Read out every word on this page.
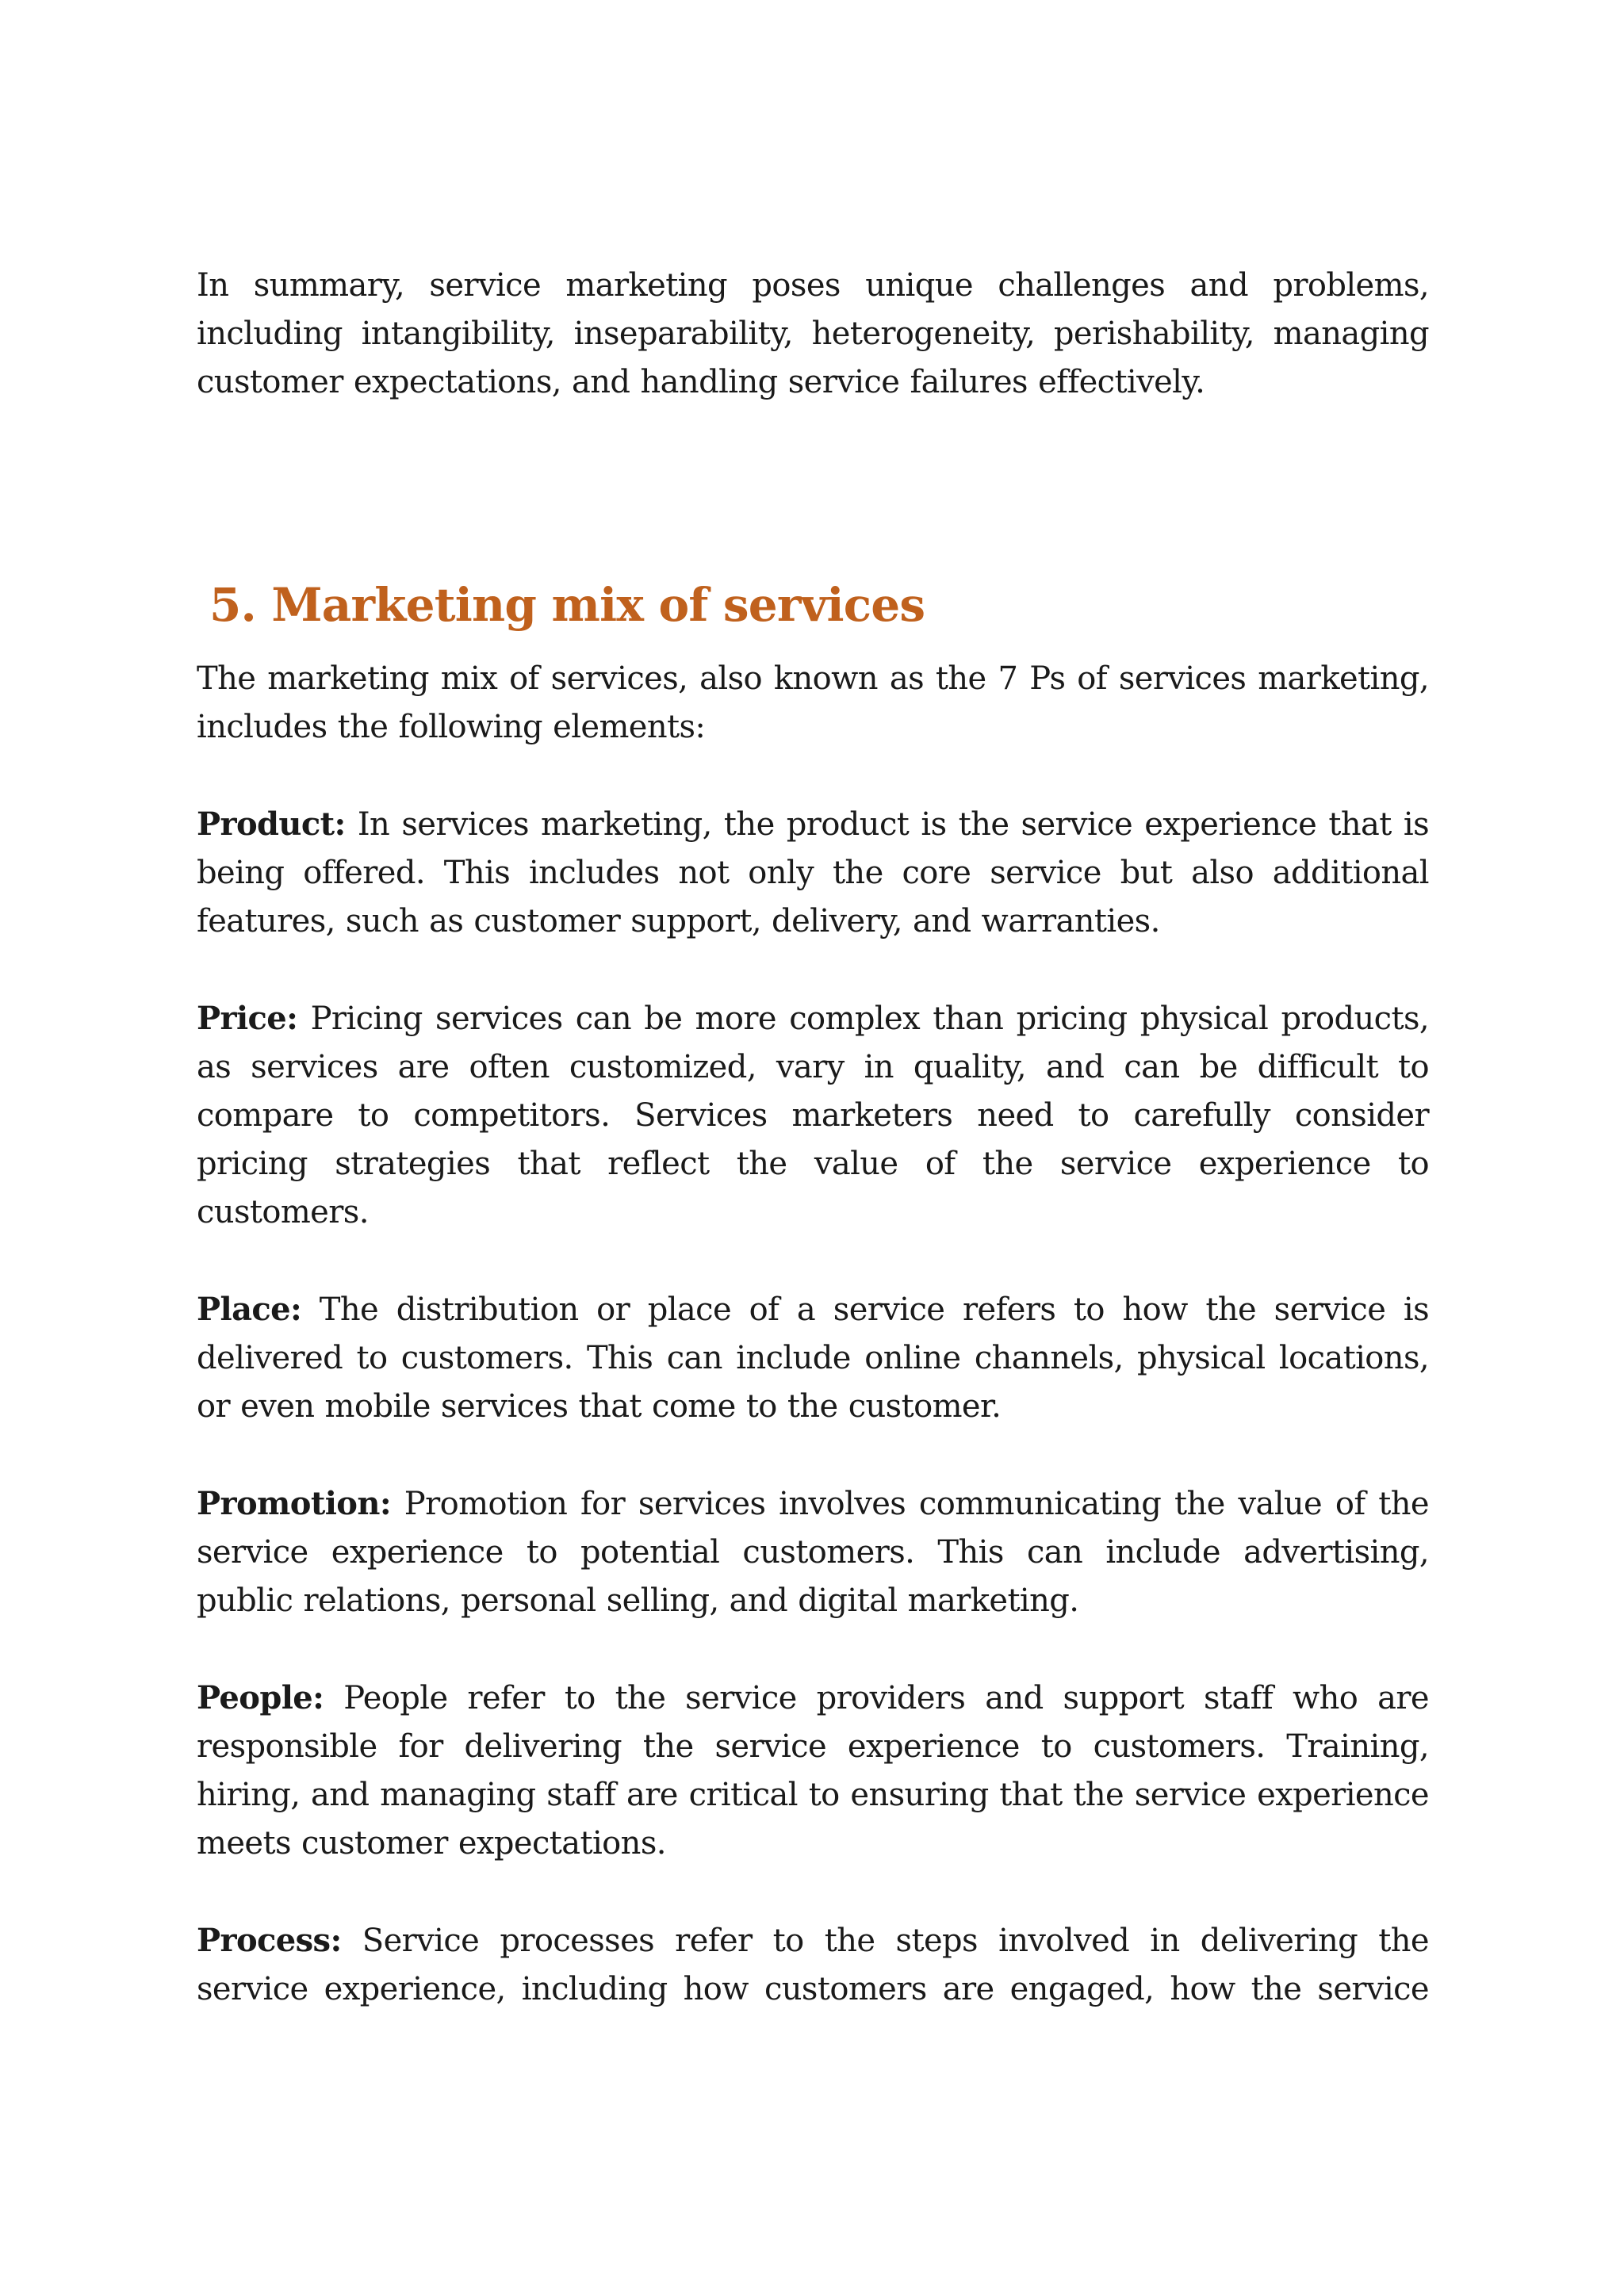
In summary, service marketing poses unique challenges and problems, including intangibility, inseparability, heterogeneity, perishability, managing customer expectations, and handling service failures effectively.

5. Marketing mix of services

The marketing mix of services, also known as the 7 Ps of services marketing, includes the following elements:

Product: In services marketing, the product is the service experience that is being offered. This includes not only the core service but also additional features, such as customer support, delivery, and warranties.

Price: Pricing services can be more complex than pricing physical products, as services are often customized, vary in quality, and can be difficult to compare to competitors. Services marketers need to carefully consider pricing strategies that reflect the value of the service experience to customers.

Place: The distribution or place of a service refers to how the service is delivered to customers. This can include online channels, physical locations, or even mobile services that come to the customer.

Promotion: Promotion for services involves communicating the value of the service experience to potential customers. This can include advertising, public relations, personal selling, and digital marketing.

People: People refer to the service providers and support staff who are responsible for delivering the service experience to customers. Training, hiring, and managing staff are critical to ensuring that the service experience meets customer expectations.

Process: Service processes refer to the steps involved in delivering the service experience, including how customers are engaged, how the service
